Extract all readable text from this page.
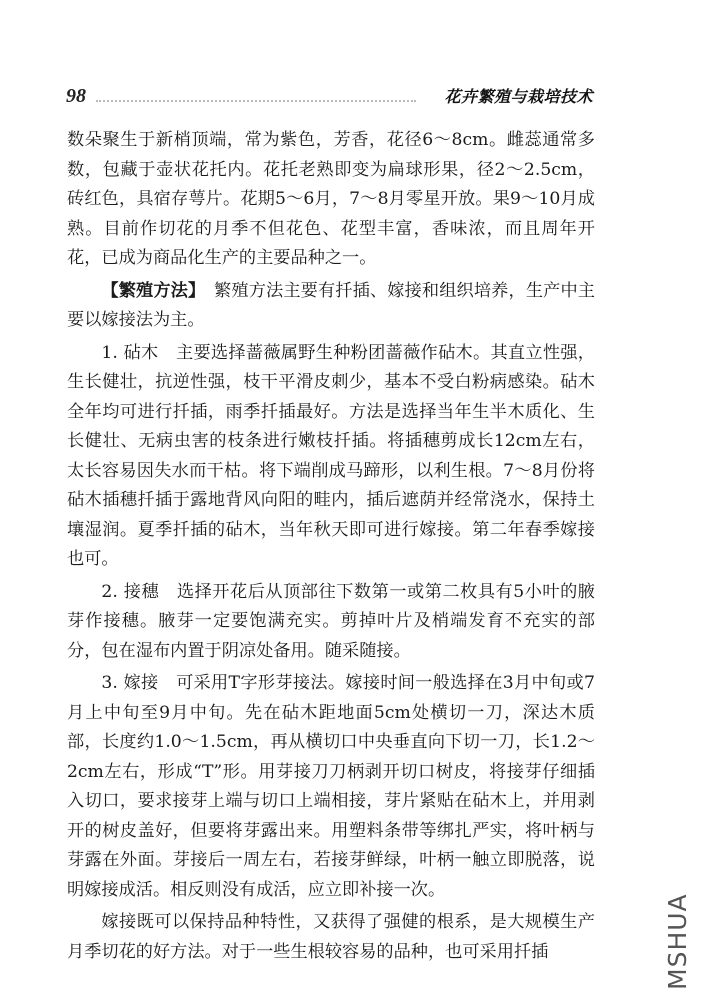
98	花卉繁殖与栽培技术

数朵聚生于新梢顶端，常为紫色，芳香，花径6～8cm。雌蕊通常多数，包藏于壶状花托内。花托老熟即变为扁球形果，径2～2.5cm，砖红色，具宿存萼片。花期5～6月，7～8月零星开放。果9～10月成熟。目前作切花的月季不但花色、花型丰富，香味浓，而且周年开花，已成为商品化生产的主要品种之一。

【繁殖方法】　 繁殖方法主要有扦插、嫁接和组织培养，生产中主要以嫁接法为主。

1. 砧木　 主要选择蔷薇属野生种粉团蔷薇作砧木。其直立性强，生长健壮，抗逆性强，枝干平滑皮刺少，基本不受白粉病感染。砧木全年均可进行扦插，雨季扦插最好。方法是选择当年生半木质化、生长健壮、无病虫害的枝条进行嫩枝扦插。将插穗剪成长12cm左右，太长容易因失水而干枯。将下端削成马蹄形，以利生根。7～8月份将砧木插穗扦插于露地背风向阳的畦内，插后遮荫并经常浇水，保持土壤湿润。夏季扦插的砧木，当年秋天即可进行嫁接。第二年春季嫁接也可。

2. 接穗　 选择开花后从顶部往下数第一或第二枚具有5小叶的腋芽作接穗。腋芽一定要饱满充实。剪掉叶片及梢端发育不充实的部分，包在湿布内置于阴凉处备用。随采随接。

3. 嫁接　 可采用T字形芽接法。嫁接时间一般选择在3月中旬或7月上中旬至9月中旬。先在砧木距地面5cm处横切一刀，深达木质部，长度约1.0～1.5cm，再从横切口中央垂直向下切一刀，长1.2～2cm左右，形成“T”形。用芽接刀刀柄剥开切口树皮，将接芽仔细插入切口，要求接芽上端与切口上端相接，芽片紧贴在砧木上，并用剥开的树皮盖好，但要将芽露出来。用塑料条带等绑扎严实，将叶柄与芽露在外面。芽接后一周左右，若接芽鲜绿，叶柄一触立即脱落，说明嫁接成活。相反则没有成活，应立即补接一次。

嫁接既可以保持品种特性，又获得了强健的根系，是大规模生产月季切花的好方法。对于一些生根较容易的品种，也可采用扦插	MSHUA
